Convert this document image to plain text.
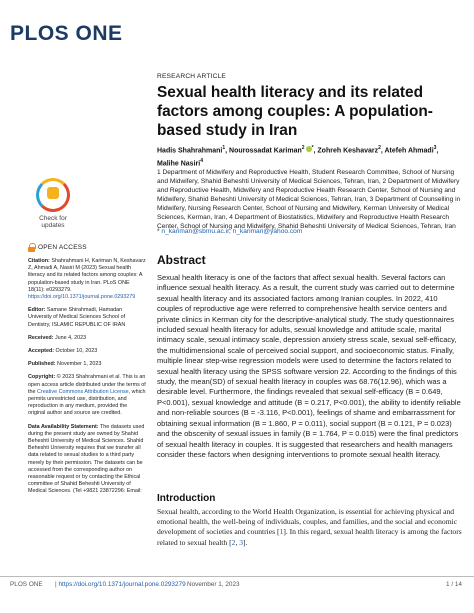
PLOS ONE
RESEARCH ARTICLE
Sexual health literacy and its related factors among couples: A population-based study in Iran
Hadis Shahrahmani$^1$, Nourossadat Kariman$^2$ *, Zohreh Keshavarz$^2$, Atefeh Ahmadi$^3$,
Malihe Nasiri$^4$

1 Department of Midwifery and Reproductive Health, Student Research Committee, School of Nursing and Midwifery, Shahid Beheshti University of Medical Sciences, Tehran, Iran, 2 Department of Midwifery and Reproductive Health, Midwifery and Reproductive Health Research Center, School of Nursing and Midwifery, Shahid Beheshti University of Medical Sciences, Tehran, Iran, 3 Department of Counselling in Midwifery, Nursing Research Center, School of Nursing and Midwifery, Kerman University of Medical Sciences, Kerman, Iran, 4 Department of Biostatistics, Midwifery and Reproductive Health Research Center, School of Nursing and Midwifery, Shahid Beheshti University of Medical Sciences, Tehran, Iran

* n_kariman@sbmu.ac.ir, n_kariman@yahoo.com
Check for
updates
OPEN ACCESS
Citation: Shahrahmani H, Kariman N, Keshavarz Z, Ahmadi A, Nasiri M (2023) Sexual health literacy and its related factors among couples: A population-based study in Iran. PLoS ONE 18(11): e0293279. https://doi.org/10.1371/journal.pone.0293279
Editor: Samane Shirahmadi, Hamadan University of Medical Sciences School of Dentistry, ISLAMIC REPUBLIC OF IRAN
Received: June 4, 2023
Accepted: October 10, 2023
Published: November 1, 2023
Copyright: © 2023 Shahrahmani et al. This is an open access article distributed under the terms of the Creative Commons Attribution License, which permits unrestricted use, distribution, and reproduction in any medium, provided the original author and source are credited.
Data Availability Statement: The datasets used during the present study are owned by Shahid Beheshti University of Medical Sciences. Shahid Beheshti University requires that we transfer all data related to sexual studies to a third party merely by their permission. The datasets can be accessed from the corresponding author on reasonable request or by contacting the Ethical committee of Shahid Beheshti University of Medical Sciences. (Tel +9821 23872296: Email:
Abstract

Sexual health literacy is one of the factors that affect sexual health. Several factors can influence sexual health literacy. As a result, the current study was carried out to determine sexual health literacy and its associated factors among Iranian couples. In 2022, 410 couples of reproductive age were referred to comprehensive health service centers and private clinics in Kerman city for the descriptive-analytical study. The study questionnaires included sexual health literacy for adults, sexual knowledge and attitude scale, marital intimacy scale, sexual intimacy scale, depression anxiety stress scale, sexual self-efficacy, the multidimensional scale of perceived social support, and socioeconomic status. Finally, multiple linear step-wise regression models were used to determine the factors related to sexual health literacy using the SPSS software version 22. According to the findings of this study, the mean(SD) of sexual health literacy in couples was 68.76(12.96), which was a desirable level. Furthermore, the findings revealed that sexual self-efficacy (B = 0.649, P<0.001), sexual knowledge and attitude (B = 0.217, P<0.001), the ability to identify reliable and non-reliable sources (B = -3.116, P<0.001), feelings of shame and embarrassment for obtaining sexual information (B = 1.860, P = 0.011), social support (B = 0.121, P = 0.023) and the obscenity of sexual issues in family (B = 1.764, P = 0.015) were the final predictors of sexual health literacy in couples. It is suggested that researchers and health managers consider these factors when designing interventions to promote sexual health literacy.

Introduction

Sexual health, according to the World Health Organization, is essential for achieving physical and emotional health, the well-being of individuals, couples, and families, and the social and economic development of societies and countries [1]. In this regard, sexual health literacy is among the factors related to sexual health [2, 3].

PLOS ONE | https://doi.org/10.1371/journal.pone.0293279 November 1, 2023	1 / 14
